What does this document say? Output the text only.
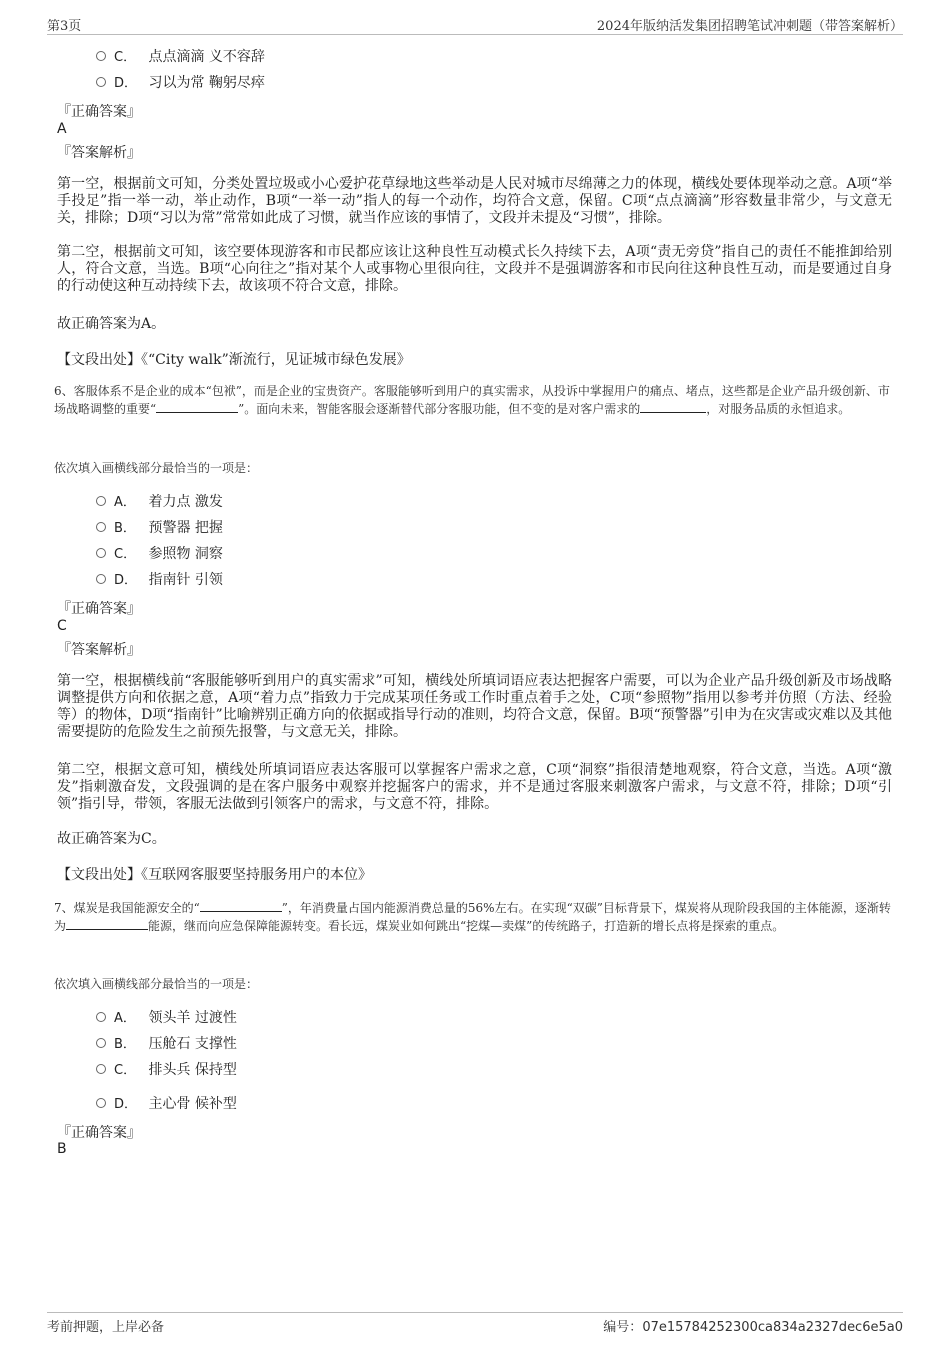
第3页	2024年版纳活发集团招聘笔试冲刺题（带答案解析）
C． 点点滴滴 义不容辞
D． 习以为常 鞠躬尽瘁
『正确答案』
A
『答案解析』
第一空，根据前文可知，分类处置垃圾或小心爱护花草绿地这些举动是人民对城市尽绵薄之力的体现，横线处要体现举动之意。A项“举手投足”指一举一动，举止动作，B项“一举一动”指人的每一个动作，均符合文意，保留。C项“点点滴滴”形容数量非常少，与文意无关，排除；D项“习以为常”常常如此成了习惯，就当作应该的事情了，文段并未提及“习惯”，排除。
第二空，根据前文可知，该空要体现游客和市民都应该让这种良性互动模式长久持续下去，A项“责无旁贷”指自己的责任不能推卸给别人，符合文意，当选。B项“心向往之”指对某个人或事物心里很向往，文段并不是强调游客和市民向往这种良性互动，而是要通过自身的行动使这种互动持续下去，故该项不符合文意，排除。
故正确答案为A。
【文段出处】《“City walk”渐流行，见证城市绿色发展》
6、客服体系不是企业的成本“包袱”，而是企业的宝贵资产。客服能够听到用户的真实需求，从投诉中掌握用户的痛点、堵点，这些都是企业产品升级创新、市场战略调整的重要“	”。面向未来，智能客服会逐渐替代部分客服功能，但不变的是对客户需求的	，对服务品质的永恒追求。
依次填入画横线部分最恰当的一项是：
A． 着力点 激发
B． 预警器 把握
C． 参照物 洞察
D． 指南针 引领
『正确答案』
C
『答案解析』
第一空，根据横线前“客服能够听到用户的真实需求”可知，横线处所填词语应表达把握客户需要，可以为企业产品升级创新及市场战略调整提供方向和依据之意，A项“着力点”指致力于完成某项任务或工作时重点着手之处，C项“参照物”指用以参考并仿照（方法、经验等）的物体，D项“指南针”比喻辨别正确方向的依据或指导行动的准则，均符合文意，保留。B项“预警器”引申为在灾害或灾难以及其他需要提防的危险发生之前预先报警，与文意无关，排除。
第二空，根据文意可知，横线处所填词语应表达客服可以掌握客户需求之意，C项“洞察”指很清楚地观察，符合文意，当选。A项“激发”指刺激奋发，文段强调的是在客户服务中观察并挖掘客户的需求，并不是通过客服来刺激客户需求，与文意不符，排除；D项“引领”指引导，带领，客服无法做到引领客户的需求，与文意不符，排除。
故正确答案为C。
【文段出处】《互联网客服要坚持服务用户的本位》
7、煤炭是我国能源安全的“	”，年消费量占国内能源消费总量的56%左右。在实现“双碳”目标背景下，煤炭将从现阶段我国的主体能源，逐渐转为	能源，继而向应急保障能源转变。看长远，煤炭业如何跳出“挖煤—卖煤”的传统路子，打造新的增长点将是探索的重点。
依次填入画横线部分最恰当的一项是：
A． 领头羊 过渡性
B． 压舱石 支撑性
C． 排头兵 保持型
D． 主心骨 候补型
『正确答案』
B
考前押题，上岸必备	编号：07e15784252300ca834a2327dec6e5a0
